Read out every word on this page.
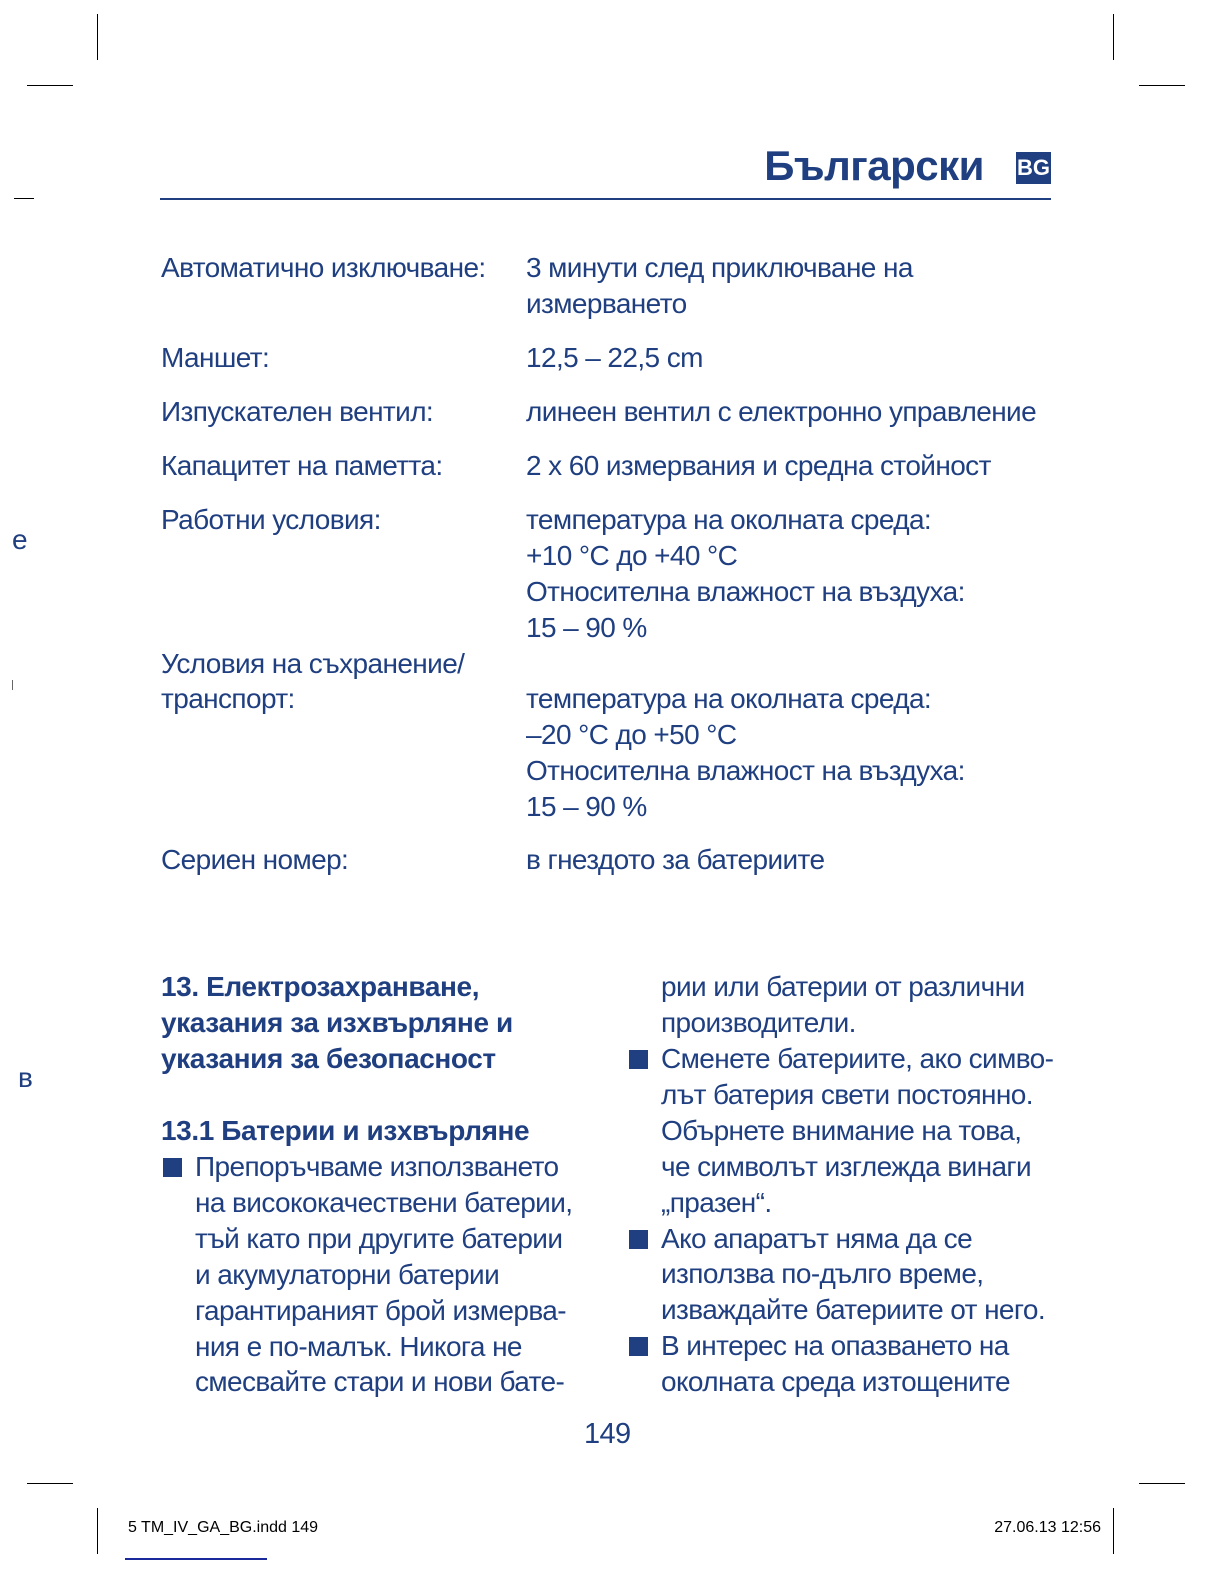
Български BG
е
в
Автоматично изключване: 3 минути след приключване на
измерването
Маншет:	12,5 – 22,5 cm
Изпускателен вентил:	линеен вентил с електронно управление
Капацитет на паметта:	2 x 60 измервания и средна стойност
Работни условия:	температура на околната среда:
+10 °C до +40 °C
Относителна влажност на въздуха:
15 – 90 %
Условия на съхранение/
транспорт:	температура на околната среда:
–20 °C до +50 °C
Относителна влажност на въздуха:
15 – 90 %
Сериен номер:	в гнездото за батериите
13. Електрозахранване,
указания за изхвърляне и
указания за безопасност
13.1 Батерии и изхвърляне
Препоръчваме използването
на висококачествени батерии,
тъй като при другите батерии
и акумулаторни батерии
гарантираният брой измерва-
ния е по-малък. Никога не
смесвайте стари и нови бате-
рии или батерии от различни
производители.
Сменете батериите, ако симво-
лът батерия свети постоянно.
Обърнете внимание на това,
че символът изглежда винаги
„празен“.
Ако апаратът няма да се
използва по-дълго време,
изваждайте батериите от него.
В интерес на опазването на
околната среда изтощените
149
5 TM_IV_GA_BG.indd 149	27.06.13 12:56
